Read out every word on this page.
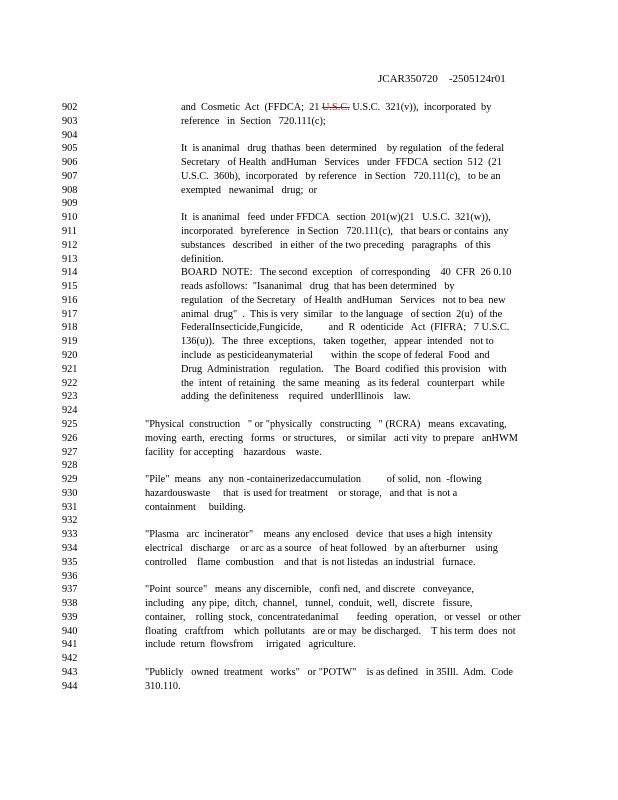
JCAR350720    -2505124r01
902	and  Cosmetic  Act  (FFDCA;  21 U.S.C. U.S.C.  321(v)),  incorporated  by
903	reference   in  Section   720.111(c);
904
905	It  is ananimal   drug  thathas  been  determined    by regulation   of the federal
906	Secretary   of Health  andHuman   Services   under  FFDCA  section  512  (21
907	U.S.C.  360b),  incorporated   by reference   in Section   720.111(c),   to be an
908	exempted   newanimal   drug;  or
909
910	It  is ananimal   feed  under FFDCA   section  201(w)(21   U.S.C.  321(w)),
911	incorporated   byreference   in Section   720.111(c),   that bears or contains  any
912	substances   described   in either  of the two preceding   paragraphs   of this
913	definition.
914	BOARD  NOTE:   The second  exception   of corresponding    40  CFR  26 0.10
915	reads asfollows:  "Isananimal   drug  that has been determined   by
916	regulation   of the Secretary   of Health  andHuman   Services   not to bea  new
917	animal  drug"  .  This is very  similar   to the language   of section  2(u)  of the
918	FederalInsecticide,Fungicide,          and  R  odenticide   Act  (FIFRA;   7 U.S.C.
919	136(u)).   The  three  exceptions,   taken  together,   appear  intended   not to
920	include  as pesticideanymaterial       within  the scope of federal  Food  and
921	Drug  Administration    regulation.    The  Board  codified  this provision   with
922	the  intent  of retaining   the same  meaning   as its federal   counterpart   while
923	adding  the definiteness    required   underIllinois    law.
924
925	"Physical  construction   " or "physically   constructing   " (RCRA)   means  excavating,
926	moving  earth,  erecting   forms   or structures,    or similar   acti vity  to prepare   anHWM
927	facility  for accepting    hazardous    waste.
928
929	"Pile"  means   any  non -containerizedaccumulation          of solid,  non  -flowing
930	hazardouswaste     that  is used for treatment    or storage,   and that  is not a
931	containment     building.
932
933	"Plasma   arc  incinerator"    means  any enclosed   device  that uses a high  intensity
934	electrical   discharge    or arc as a source   of heat followed   by an afterburner    using
935	controlled    flame  combustion    and that  is not listedas  an industrial   furnace.
936
937	"Point  source"   means  any discernible,   confi ned,  and discrete   conveyance,
938	including   any pipe,  ditch,  channel,   tunnel,  conduit,  well,  discrete   fissure,
939	container,    rolling  stock,  concentratedanimal       feeding   operation,   or vessel   or other
940	floating   craftfrom    which  pollutants   are or may  be discharged.    T his term  does  not
941	include  return  flowsfrom     irrigated   agriculture.
942
943	"Publicly   owned  treatment   works"   or "POTW"    is as defined   in 35Ill.  Adm.  Code
944	310.110.
